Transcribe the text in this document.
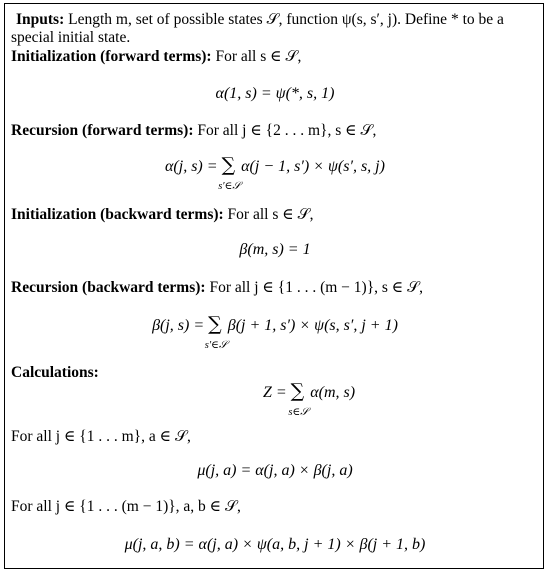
Inputs: Length m, set of possible states 𝒮, function ψ(s, s′, j). Define * to be a
special initial state.
Initialization (forward terms): For all s ∈ 𝒮,
α(1, s) = ψ(*, s, 1)
Recursion (forward terms): For all j ∈ {2 . . . m}, s ∈ 𝒮,
α(j, s) = ∑
s′∈𝒮
α(j − 1, s′) × ψ(s′, s, j)
Initialization (backward terms): For all s ∈ 𝒮,
β(m, s) = 1
Recursion (backward terms): For all j ∈ {1 . . . (m − 1)}, s ∈ 𝒮,
β(j, s) = ∑
s′∈𝒮
β(j + 1, s′) × ψ(s, s′, j + 1)
Calculations:
Z = ∑
s∈𝒮
α(m, s)
For all j ∈ {1 . . . m}, a ∈ 𝒮,
μ(j, a) = α(j, a) × β(j, a)
For all j ∈ {1 . . . (m − 1)}, a, b ∈ 𝒮,
μ(j, a, b) = α(j, a) × ψ(a, b, j + 1) × β(j + 1, b)
